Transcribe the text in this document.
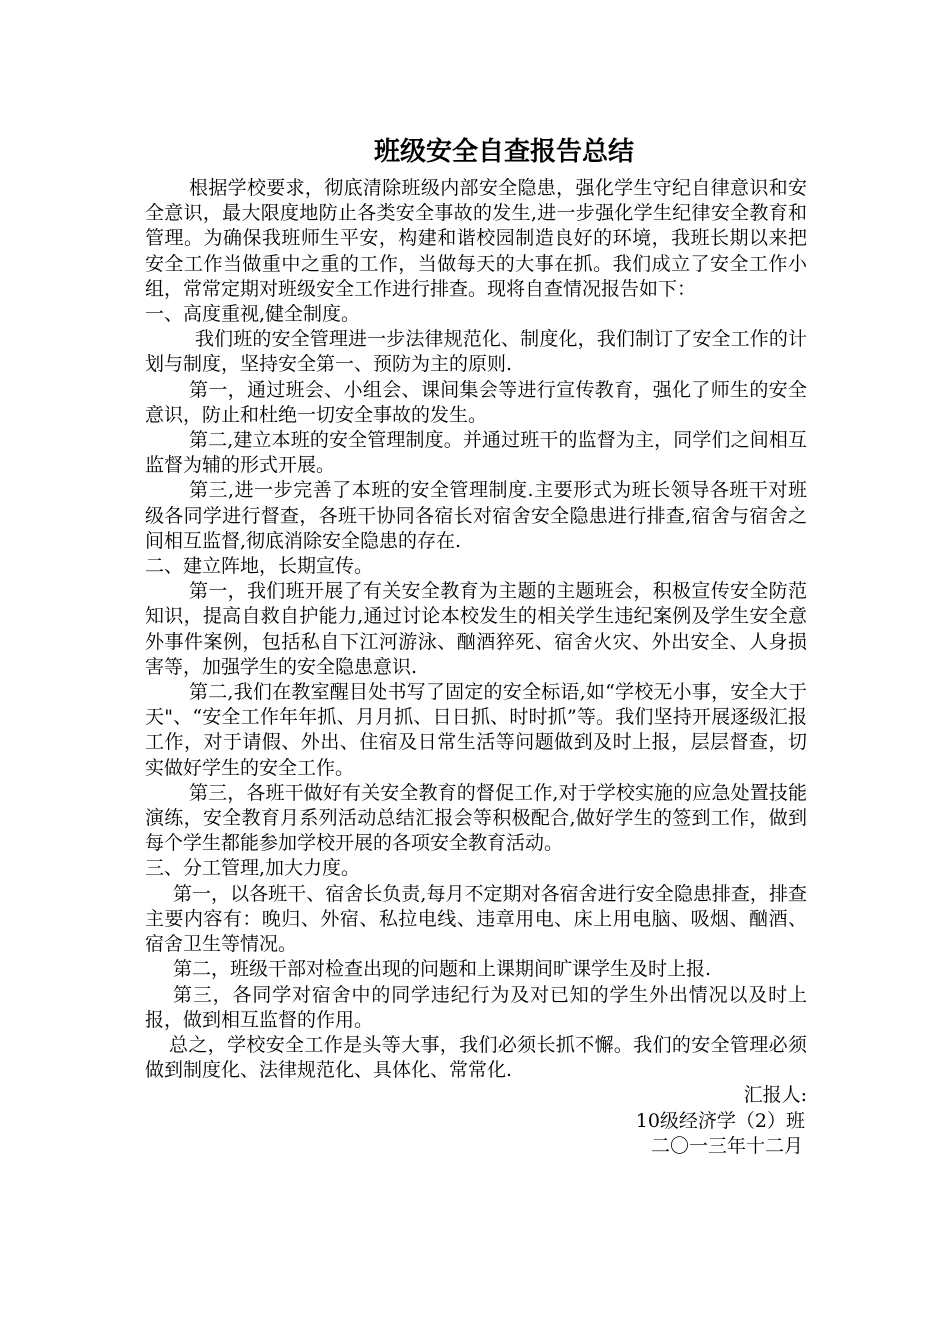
班级安全自查报告总结

根据学校要求，彻底清除班级内部安全隐患，强化学生守纪自律意识和安全意识，最大限度地防止各类安全事故的发生,进一步强化学生纪律安全教育和管理。为确保我班师生平安，构建和谐校园制造良好的环境，我班长期以来把安全工作当做重中之重的工作，当做每天的大事在抓。我们成立了安全工作小组，常常定期对班级安全工作进行排查。现将自查情况报告如下：

一、高度重视,健全制度。

我们班的安全管理进一步法律规范化、制度化，我们制订了安全工作的计划与制度，坚持安全第一、预防为主的原则.

第一，通过班会、小组会、课间集会等进行宣传教育，强化了师生的安全意识，防止和杜绝一切安全事故的发生。

第二,建立本班的安全管理制度。并通过班干的监督为主，同学们之间相互监督为辅的形式开展。

第三,进一步完善了本班的安全管理制度.主要形式为班长领导各班干对班级各同学进行督查，各班干协同各宿长对宿舍安全隐患进行排查,宿舍与宿舍之间相互监督,彻底消除安全隐患的存在.

二、建立阵地，长期宣传。

第一，我们班开展了有关安全教育为主题的主题班会，积极宣传安全防范知识，提高自救自护能力,通过讨论本校发生的相关学生违纪案例及学生安全意外事件案例，包括私自下江河游泳、酗酒猝死、宿舍火灾、外出安全、人身损害等，加强学生的安全隐患意识.

第二,我们在教室醒目处书写了固定的安全标语,如“学校无小事，安全大于天"、“安全工作年年抓、月月抓、日日抓、时时抓”等。我们坚持开展逐级汇报工作，对于请假、外出、住宿及日常生活等问题做到及时上报，层层督查，切实做好学生的安全工作。

第三，各班干做好有关安全教育的督促工作,对于学校实施的应急处置技能演练，安全教育月系列活动总结汇报会等积极配合,做好学生的签到工作，做到每个学生都能参加学校开展的各项安全教育活动。

三、分工管理,加大力度。

第一，以各班干、宿舍长负责,每月不定期对各宿舍进行安全隐患排查，排查主要内容有：晚归、外宿、私拉电线、违章用电、床上用电脑、吸烟、酗酒、宿舍卫生等情况。

第二，班级干部对检查出现的问题和上课期间旷课学生及时上报.

第三，各同学对宿舍中的同学违纪行为及对已知的学生外出情况以及时上报，做到相互监督的作用。

总之，学校安全工作是头等大事，我们必须长抓不懈。我们的安全管理必须做到制度化、法律规范化、具体化、常常化.

汇报人:

10级经济学（2）班

二〇一三年十二月
